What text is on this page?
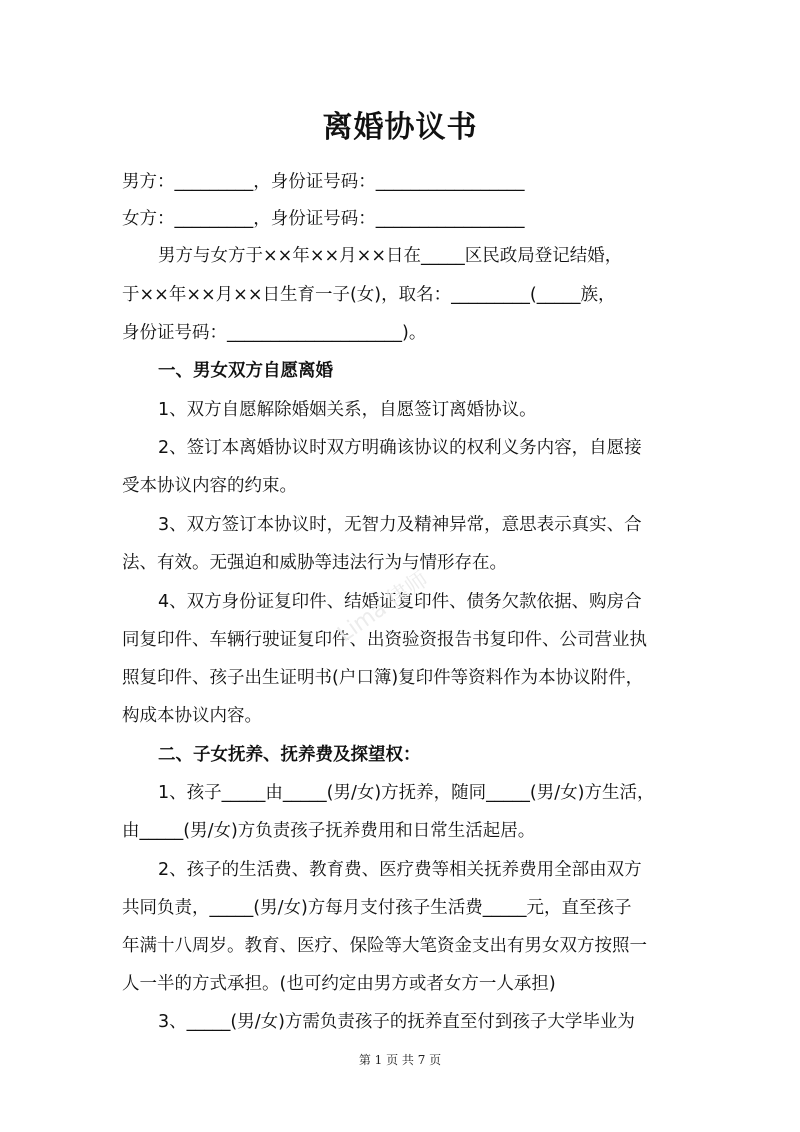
离婚协议书
男方：_________，身份证号码：_________________
女方：_________，身份证号码：_________________
男方与女方于××年××月××日在_____区民政局登记结婚，
于××年××月××日生育一子(女)，取名：_________(_____族，
身份证号码：____________________)。
一、男女双方自愿离婚
1、双方自愿解除婚姻关系，自愿签订离婚协议。
2、签订本离婚协议时双方明确该协议的权利义务内容，自愿接
受本协议内容的约束。
3、双方签订本协议时，无智力及精神异常，意思表示真实、合
法、有效。无强迫和威胁等违法行为与情形存在。
4、双方身份证复印件、结婚证复印件、债务欠款依据、购房合
同复印件、车辆行驶证复印件、出资验资报告书复印件、公司营业执
照复印件、孩子出生证明书(户口簿)复印件等资料作为本协议附件，
构成本协议内容。
二、子女抚养、抚养费及探望权：
1、孩子_____由_____(男/女)方抚养，随同_____(男/女)方生活，
由_____(男/女)方负责孩子抚养费用和日常生活起居。
2、孩子的生活费、教育费、医疗费等相关抚养费用全部由双方
共同负责，_____(男/女)方每月支付孩子生活费_____元，直至孩子
年满十八周岁。教育、医疗、保险等大笔资金支出有男女双方按照一
人一半的方式承担。(也可约定由男方或者女方一人承担)
3、_____(男/女)方需负责孩子的抚养直至付到孩子大学毕业为
Lima 律师
第 1 页 共 7 页
